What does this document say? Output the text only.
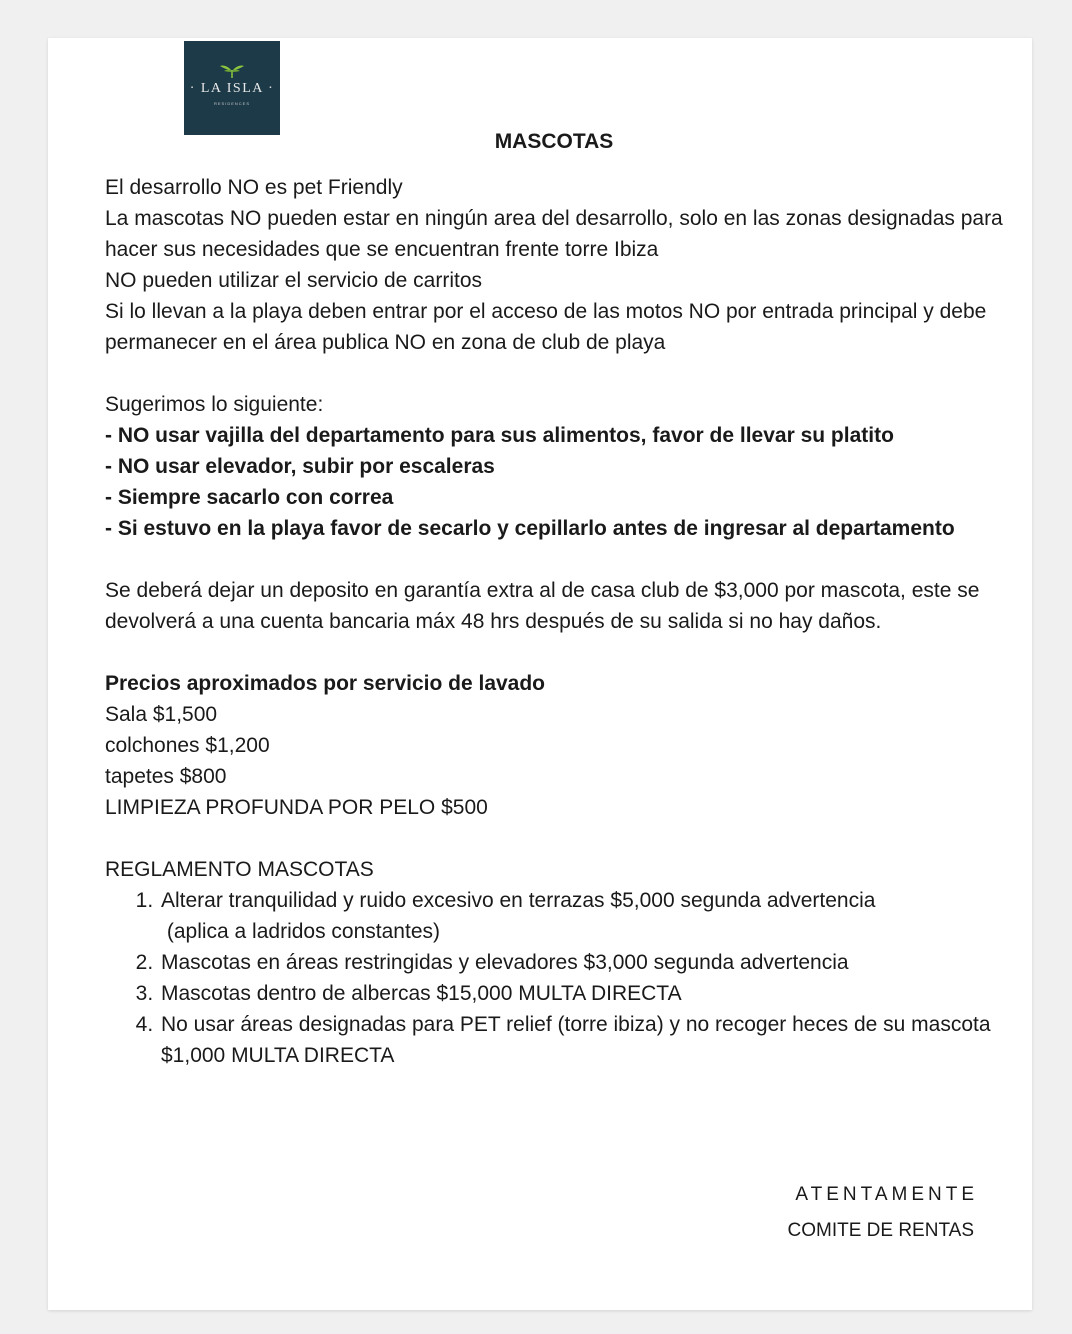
· LA ISLA ·
RESIDENCES
MASCOTAS

El desarrollo NO es pet Friendly

La mascotas NO pueden estar en ningún area del desarrollo, solo en las zonas designadas para hacer sus necesidades que se encuentran frente torre Ibiza

NO pueden utilizar el servicio de carritos

Si lo llevan a la playa deben entrar por el acceso de las motos NO por entrada principal y debe permanecer en el área publica NO en zona de club de playa

Sugerimos lo siguiente:

- NO usar vajilla del departamento para sus alimentos, favor de llevar su platito

- NO usar elevador, subir por escaleras

- Siempre sacarlo con correa

- Si estuvo en la playa favor de secarlo y cepillarlo antes de ingresar al departamento

Se deberá dejar un deposito en garantía extra al de casa club de $3,000 por mascota, este se devolverá a una cuenta bancaria máx 48 hrs después de su salida si no hay daños.

Precios aproximados por servicio de lavado

Sala $1,500

colchones $1,200

tapetes $800

LIMPIEZA PROFUNDA POR PELO $500

REGLAMENTO MASCOTAS

1. Alterar tranquilidad y ruido excesivo en terrazas $5,000 segunda advertencia
(aplica a ladridos constantes)
2. Mascotas en áreas restringidas y elevadores $3,000 segunda advertencia
3. Mascotas dentro de albercas $15,000 MULTA DIRECTA
4. No usar áreas designadas para PET relief (torre ibiza) y no recoger heces de su mascota $1,000 MULTA DIRECTA
ATENTAMENTE
COMITE DE RENTAS
